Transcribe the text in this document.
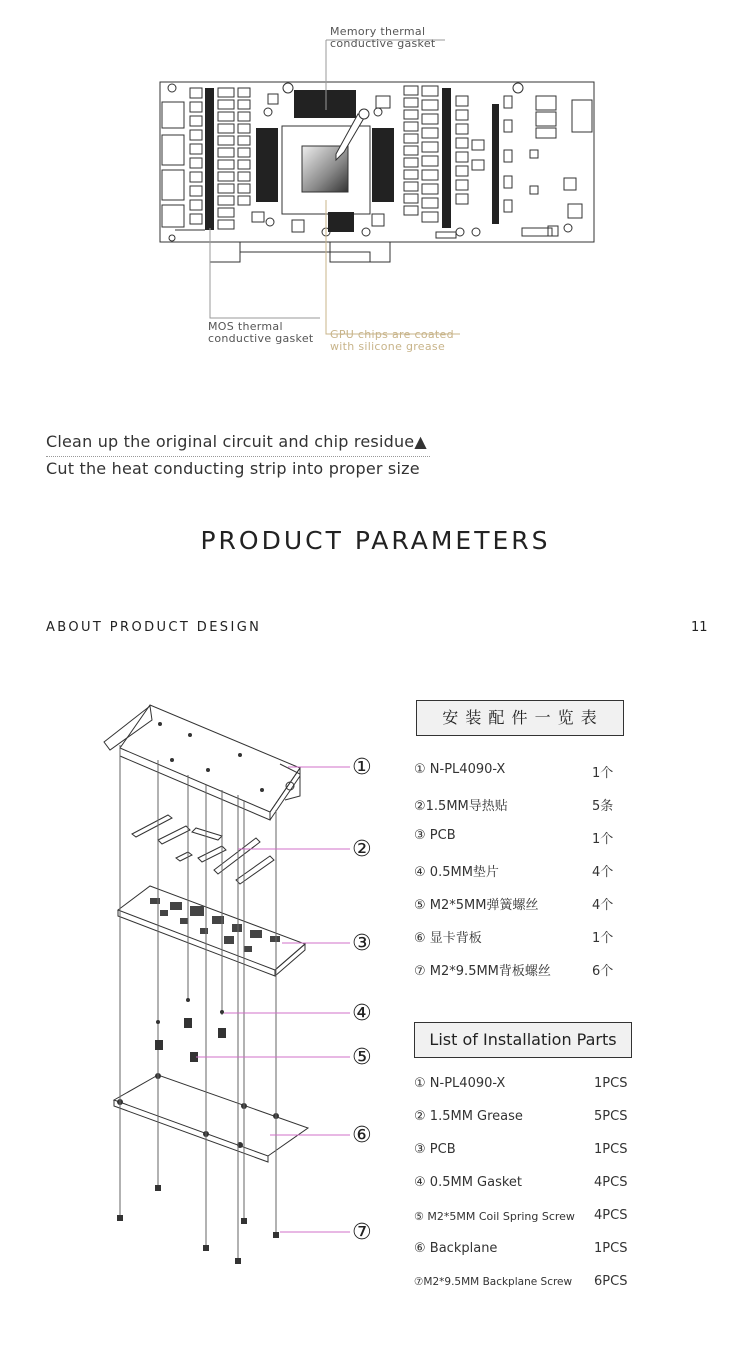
Memory thermal
conductive gasket
MOS thermal
conductive gasket GPU chips are coated
with silicone grease
Clean up the original circuit and chip residue▲
Cut the heat conducting strip into proper size
PRODUCT PARAMETERS
ABOUT PRODUCT DESIGN	11
①
②
③
④
⑤
⑥
⑦
安 装 配 件 一 览 表
① N-PL4090-X	1个
②1.5MM导热贴	5条
③ PCB	1个
④ 0.5MM垫片	4个
⑤ M2*5MM弹簧螺丝	4个
⑥ 显卡背板	1个
⑦ M2*9.5MM背板螺丝	6个
List of Installation Parts
① N-PL4090-X	1PCS
② 1.5MM Grease	5PCS
③ PCB	1PCS
④ 0.5MM Gasket	4PCS
⑤ M2*5MM Coil Spring Screw 4PCS
⑥ Backplane	1PCS
⑦M2*9.5MM Backplane Screw 6PCS
